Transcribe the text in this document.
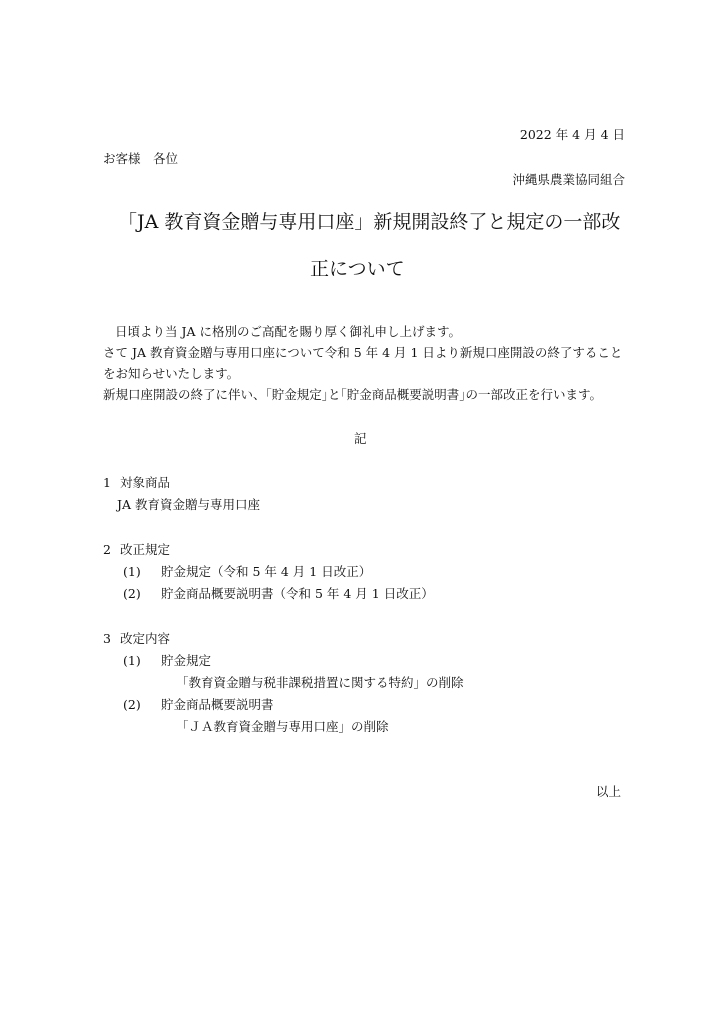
2022 年 4 月 4 日
お客様　各位
沖縄県農業協同組合
「JA 教育資金贈与専用口座」新規開設終了と規定の一部改
正について
日頃より当 JA に格別のご高配を賜り厚く御礼申し上げます。
さて JA 教育資金贈与専用口座について令和 5 年 4 月 1 日より新規口座開設の終了すること
をお知らせいたします。
新規口座開設の終了に伴い、｢貯金規定｣と｢貯金商品概要説明書｣の一部改正を行います。
記
1 対象商品
JA 教育資金贈与専用口座
2 改正規定
(1) 貯金規定（令和 5 年 4 月 1 日改正）
(2) 貯金商品概要説明書（令和 5 年 4 月 1 日改正）
3 改定内容
(1) 貯金規定
「教育資金贈与税非課税措置に関する特約」の削除
(2) 貯金商品概要説明書
「ＪＡ教育資金贈与専用口座」の削除
以上
